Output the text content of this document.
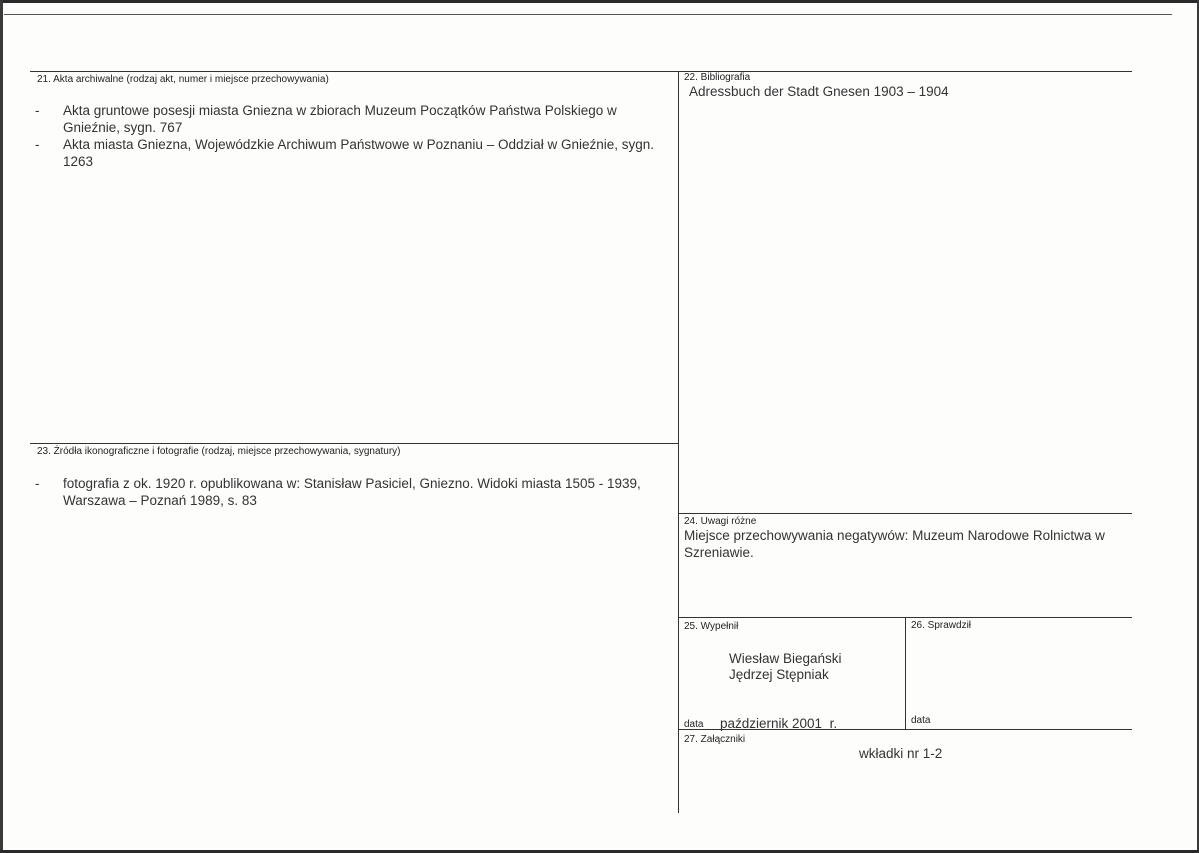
21. Akta archiwalne (rodzaj akt, numer i miejsce przechowywania)
- Akta gruntowe posesji miasta Gniezna w zbiorach Muzeum Początków Państwa Polskiego w Gnieźnie, sygn. 767
- Akta miasta Gniezna, Wojewódzkie Archiwum Państwowe w Poznaniu – Oddział w Gnieźnie, sygn. 1263
22. Bibliografia
Adressbuch der Stadt Gnesen 1903 – 1904
23. Źródła ikonograficzne i fotografie (rodzaj, miejsce przechowywania, sygnatury)
- fotografia z ok. 1920 r. opublikowana w: Stanisław Pasiciel, Gniezno. Widoki miasta 1505 - 1939, Warszawa – Poznań 1989, s. 83
24. Uwagi różne
Miejsce przechowywania negatywów: Muzeum Narodowe Rolnictwa w Szreniawie.
25. Wypełnił
Wiesław Biegański
Jędrzej Stępniak
data październik 2001  r.
26. Sprawdził
data
27. Załączniki
wkładki nr 1-2
